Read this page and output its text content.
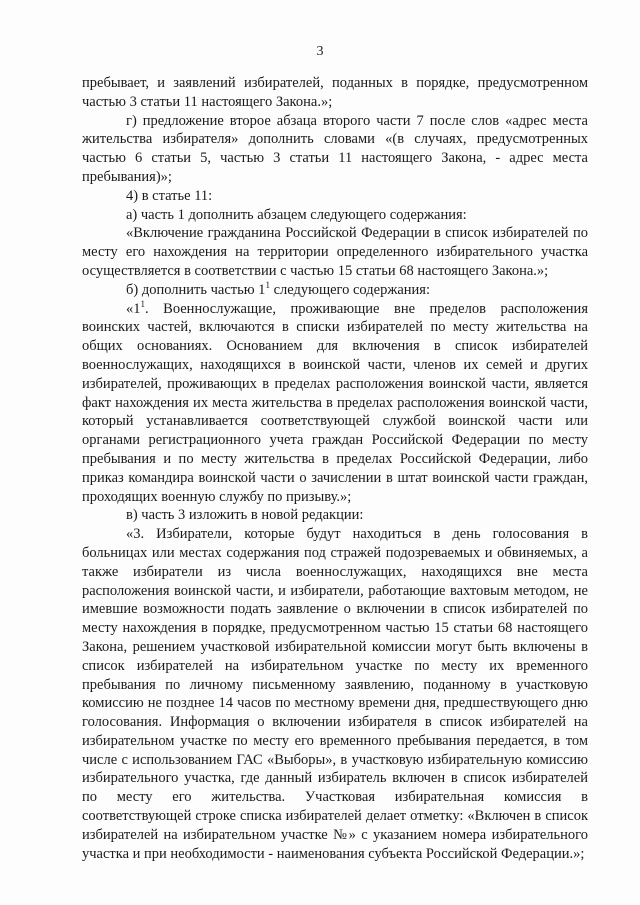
3

пребывает, и заявлений избирателей, поданных в порядке, предусмотренном частью 3 статьи 11 настоящего Закона.»;

г) предложение второе абзаца второго части 7 после слов «адрес места жительства избирателя» дополнить словами «(в случаях, предусмотренных частью 6 статьи 5, частью 3 статьи 11 настоящего Закона, - адрес места пребывания)»;

4) в статье 11:

а) часть 1 дополнить абзацем следующего содержания:

«Включение гражданина Российской Федерации в список избирателей по месту его нахождения на территории определенного избирательного участка осуществляется в соответствии с частью 15 статьи 68 настоящего Закона.»;

б) дополнить частью $1^1$ следующего содержания:

«$1^1$. Военнослужащие, проживающие вне пределов расположения воинских частей, включаются в списки избирателей по месту жительства на общих основаниях. Основанием для включения в список избирателей военнослужащих, находящихся в воинской части, членов их семей и других избирателей, проживающих в пределах расположения воинской части, является факт нахождения их места жительства в пределах расположения воинской части, который устанавливается соответствующей службой воинской части или органами регистрационного учета граждан Российской Федерации по месту пребывания и по месту жительства в пределах Российской Федерации, либо приказ командира воинской части о зачислении в штат воинской части граждан, проходящих военную службу по призыву.»;

в) часть 3 изложить в новой редакции:

«3. Избиратели, которые будут находиться в день голосования в больницах или местах содержания под стражей подозреваемых и обвиняемых, а также избиратели из числа военнослужащих, находящихся вне места расположения воинской части, и избиратели, работающие вахтовым методом, не имевшие возможности подать заявление о включении в список избирателей по месту нахождения в порядке, предусмотренном частью 15 статьи 68 настоящего Закона, решением участковой избирательной комиссии могут быть включены в список избирателей на избирательном участке по месту их временного пребывания по личному письменному заявлению, поданному в участковую комиссию не позднее 14 часов по местному времени дня, предшествующего дню голосования. Информация о включении избирателя в список избирателей на избирательном участке по месту его временного пребывания передается, в том числе с использованием ГАС «Выборы», в участковую избирательную комиссию избирательного участка, где данный избиратель включен в список избирателей по месту его жительства. Участковая избирательная комиссия в соответствующей строке списка избирателей делает отметку: «Включен в список избирателей на избирательном участке №» с указанием номера избирательного участка и при необходимости - наименования субъекта Российской Федерации.»;
